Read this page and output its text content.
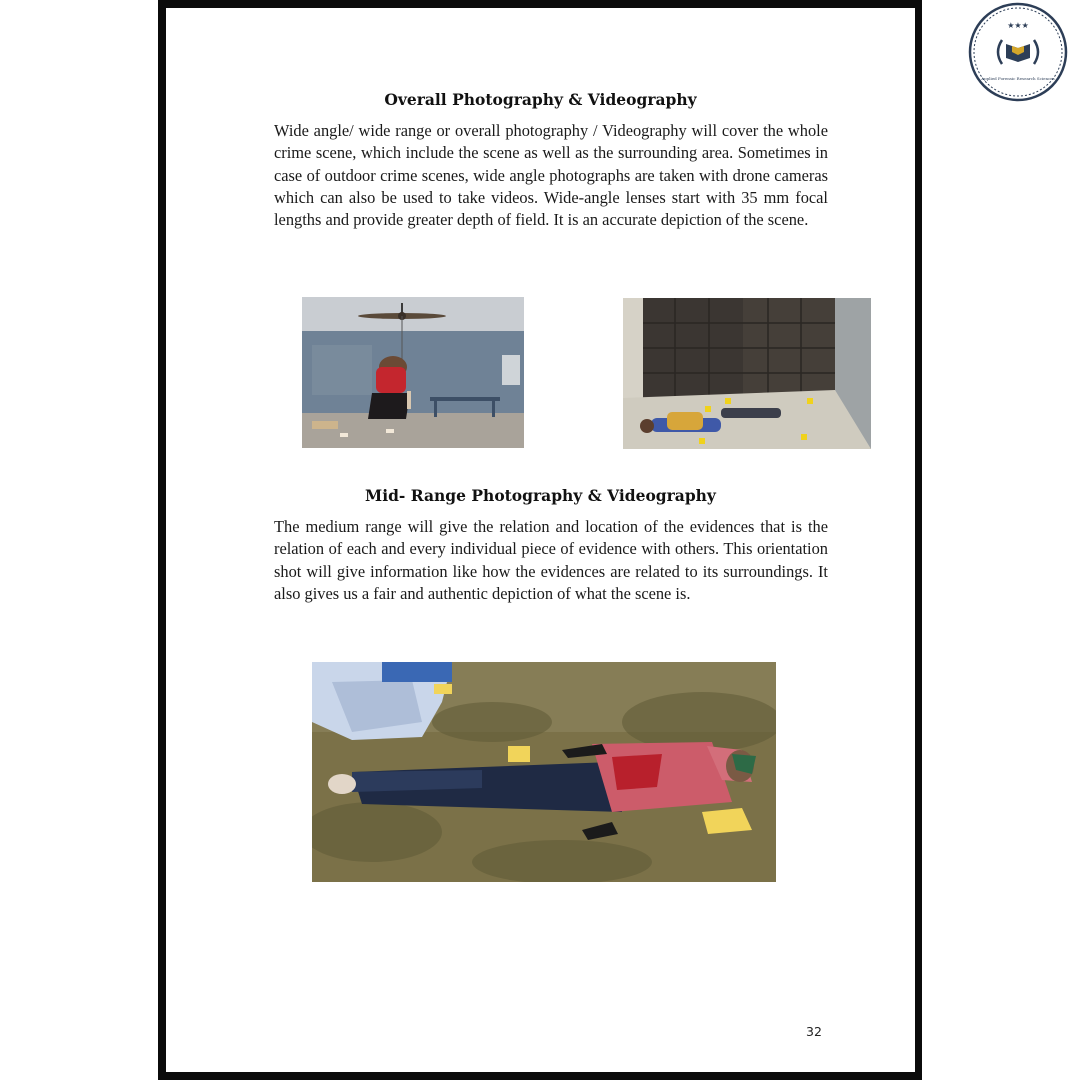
Overall Photography & Videography

Wide angle/ wide range or overall photography / Videography will cover the whole crime scene, which include the scene as well as the surrounding area. Sometimes in case of outdoor crime scenes, wide angle photographs are taken with drone cameras which can also be used to take videos. Wide-angle lenses start with 35 mm focal lengths and provide greater depth of field. It is an accurate depiction of the scene.

Mid- Range Photography & Videography

The medium range will give the relation and location of the evidences that is the relation of each and every individual piece of evidence with others. This orientation shot will give information like how the evidences are related to its surroundings. It also gives us a fair and authentic depiction of what the scene is.

32
★★★
Applied Forensic Research Sciences
